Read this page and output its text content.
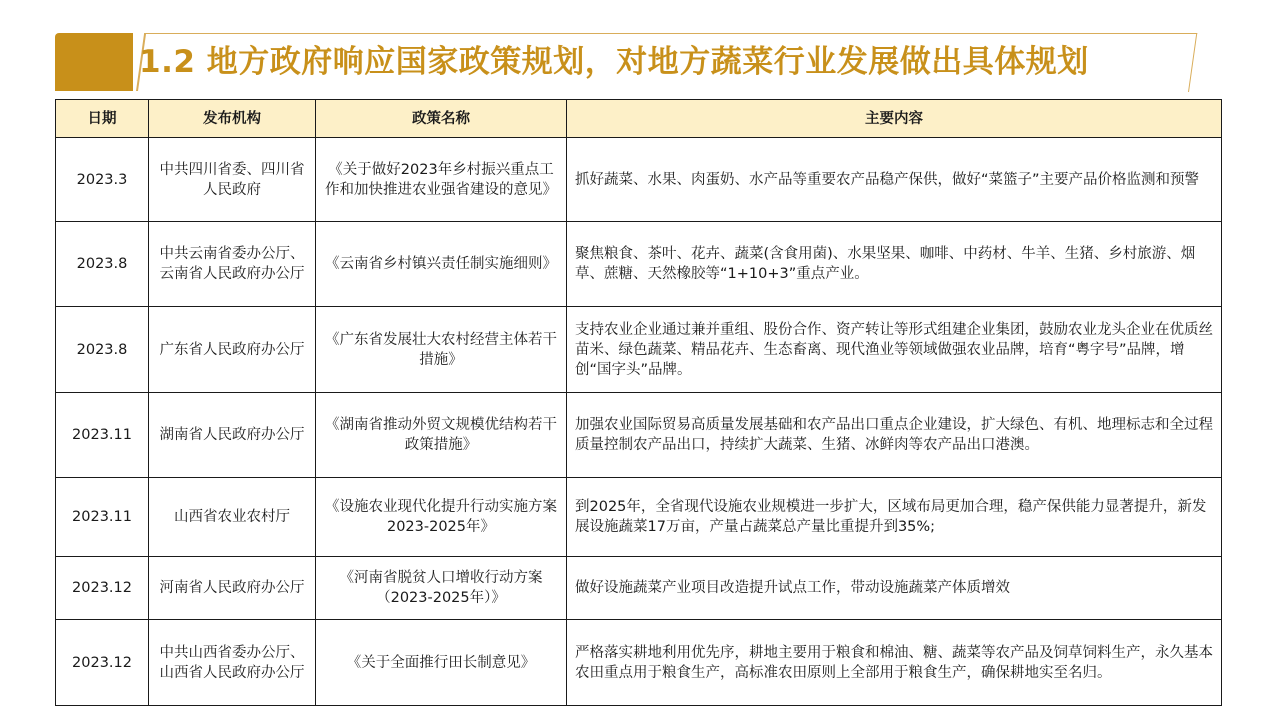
1.2 地方政府响应国家政策规划，对地方蔬菜行业发展做出具体规划
日期	发布机构	政策名称	主要内容
2023.3	中共四川省委、四川省人民政府	《关于做好2023年乡村振兴重点工作和加快推进农业强省建设的意见》	抓好蔬菜、水果、肉蛋奶、水产品等重要农产品稳产保供，做好“菜篮子”主要产品价格监测和预警
2023.8	中共云南省委办公厅、云南省人民政府办公厅	《云南省乡村镇兴责任制实施细则》	聚焦粮食、茶叶、花卉、蔬菜(含食用菌)、水果坚果、咖啡、中药材、牛羊、生猪、乡村旅游、烟草、蔗糖、天然橡胶等“1+10+3”重点产业。
2023.8	广东省人民政府办公厅	《广东省发展壮大农村经营主体若干措施》	支持农业企业通过兼并重组、股份合作、资产转让等形式组建企业集团，鼓励农业龙头企业在优质丝苗米、绿色蔬菜、精品花卉、生态畜离、现代渔业等领域做强农业品牌，培育“粤字号”品牌，增创“国字头”品牌。
2023.11	湖南省人民政府办公厅	《湖南省推动外贸文规模优结构若干政策措施》	加强农业国际贸易高质量发展基础和农产品出口重点企业建设，扩大绿色、有机、地理标志和全过程质量控制农产品出口，持续扩大蔬菜、生猪、冰鲜肉等农产品出口港澳。
2023.11	山西省农业农村厅	《设施农业现代化提升行动实施方案2023-2025年》	到2025年，全省现代设施农业规模进一步扩大，区域布局更加合理，稳产保供能力显著提升，新发展设施蔬菜17万亩，产量占蔬菜总产量比重提升到35%;
2023.12	河南省人民政府办公厅	《河南省脱贫人口增收行动方案（2023-2025年）》	做好设施蔬菜产业项目改造提升试点工作，带动设施蔬菜产体质增效
2023.12	中共山西省委办公厅、山西省人民政府办公厅	《关于全面推行田长制意见》	严格落实耕地利用优先序，耕地主要用于粮食和棉油、糖、蔬菜等农产品及饲草饲料生产，永久基本农田重点用于粮食生产，高标准农田原则上全部用于粮食生产，确保耕地实至名归。
